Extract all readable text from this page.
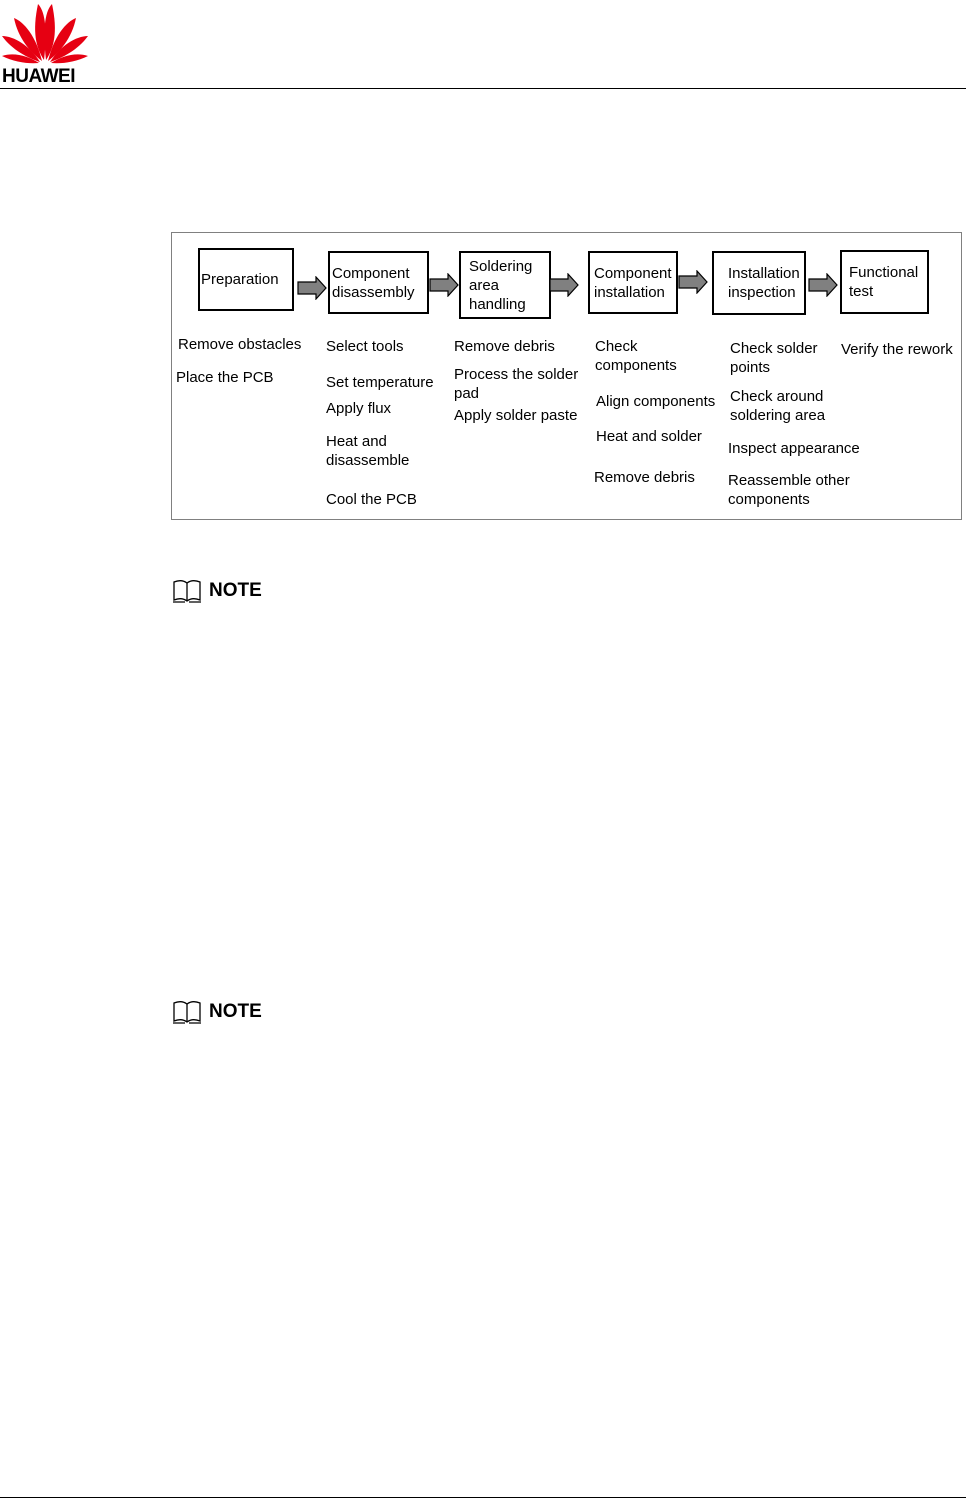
HUAWEI
Preparation	Component disassembly
Soldering area handling
Component installation
Installation inspection
Functional test
Remove obstacles
Place the PCB
Select tools
Set temperature
Apply flux
Heat and disassemble
Cool the PCB
Remove debris
Process the solder pad
Apply solder paste
Check components
Align components
Heat and solder
Remove debris
Check solder points
Check around soldering area
Inspect appearance
Reassemble other components
Verify the rework
NOTE
NOTE
